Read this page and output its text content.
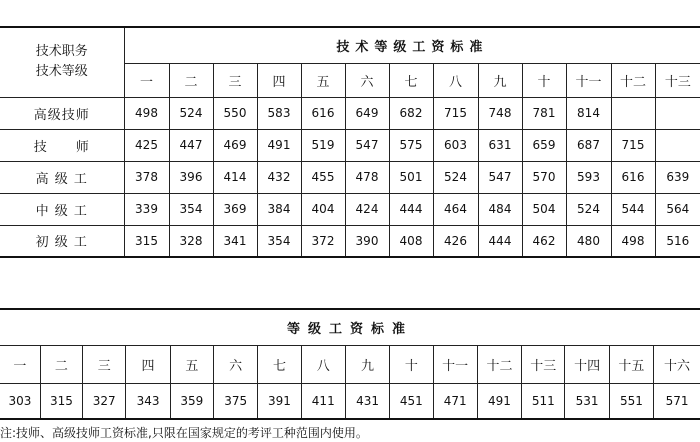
技术职务
技术等级	技术等级工资标准												
	一	二	三	四	五	六	七	八	九	十	十一	十二	十三
高级技师	498	524	550	583	616	649	682	715	748	781	814		
技　　师	425	447	469	491	519	547	575	603	631	659	687	715	
高 级 工	378	396	414	432	455	478	501	524	547	570	593	616	639
中 级 工	339	354	369	384	404	424	444	464	484	504	524	544	564
初 级 工	315	328	341	354	372	390	408	426	444	462	480	498	516
等级工资标准															
一	二	三	四	五	六	七	八	九	十	十一	十二	十三	十四	十五	十六
303	315	327	343	359	375	391	411	431	451	471	491	511	531	551	571
注:技师、高级技师工资标准,只限在国家规定的考评工种范围内使用。
